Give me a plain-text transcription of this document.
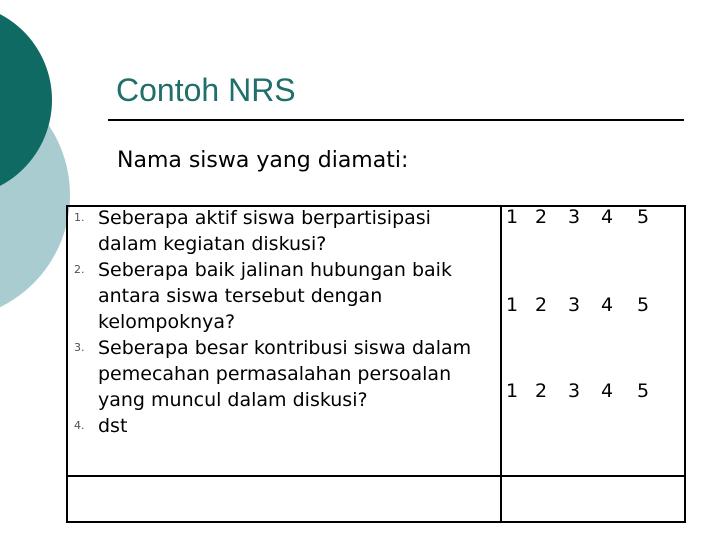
Contoh NRS
Nama siswa yang diamati:
1. Seberapa aktif siswa berpartisipasi dalam kegiatan diskusi?
2. Seberapa baik jalinan hubungan baik antara siswa tersebut dengan kelompoknya?
3. Seberapa besar kontribusi siswa dalam pemecahan permasalahan persoalan yang muncul dalam diskusi?
4. dst
1 2 3 4 5
1 2 3 4 5
1 2 3 4 5
